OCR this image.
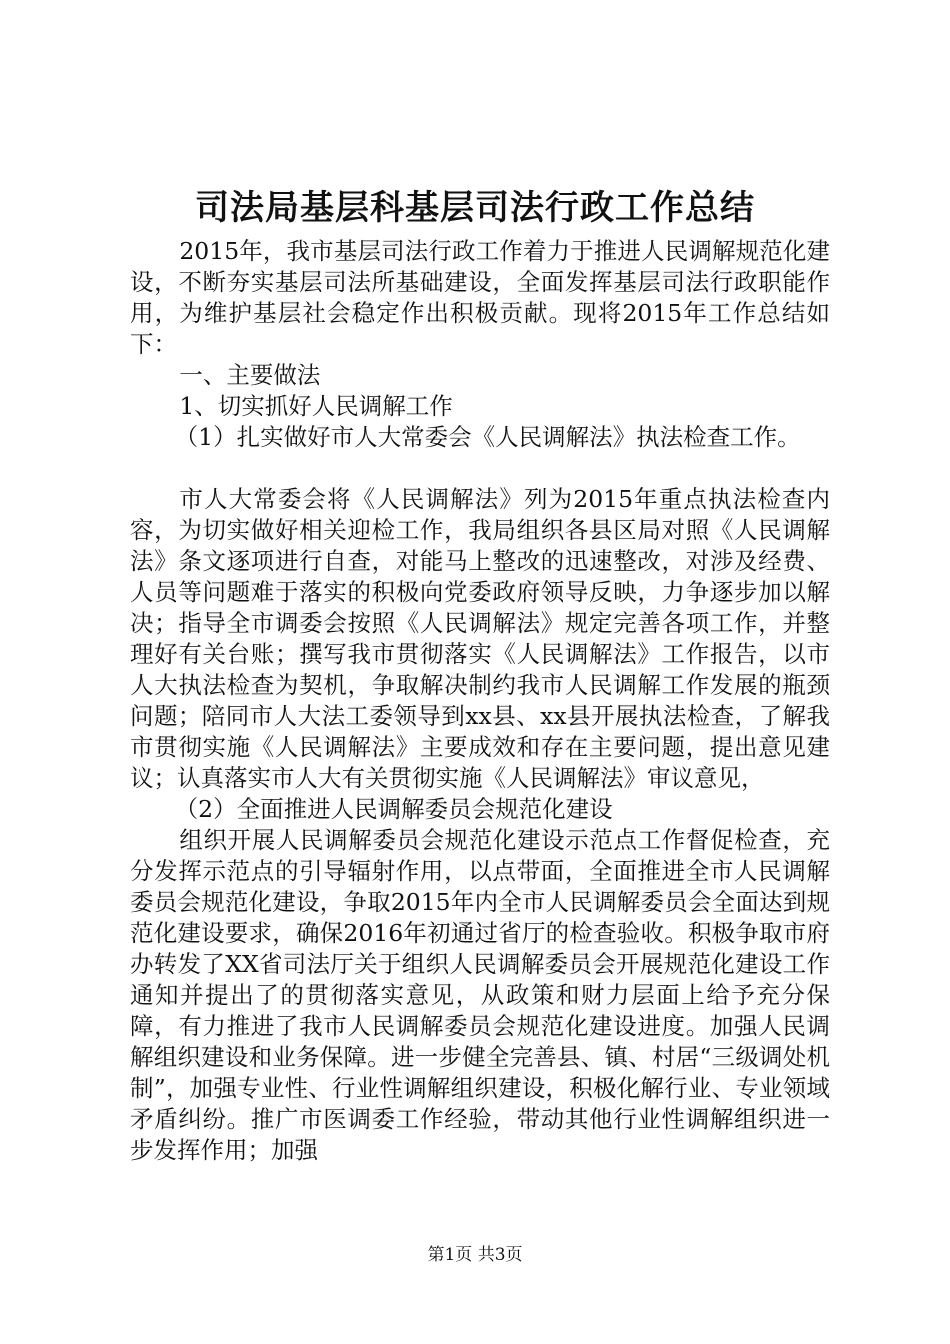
司法局基层科基层司法行政工作总结

2015年，我市基层司法行政工作着力于推进人民调解规范化建设，不断夯实基层司法所基础建设，全面发挥基层司法行政职能作用，为维护基层社会稳定作出积极贡献。现将2015年工作总结如下：

一、主要做法

1、切实抓好人民调解工作

（1）扎实做好市人大常委会《人民调解法》执法检查工作。

市人大常委会将《人民调解法》列为2015年重点执法检查内容，为切实做好相关迎检工作，我局组织各县区局对照《人民调解法》条文逐项进行自查，对能马上整改的迅速整改，对涉及经费、人员等问题难于落实的积极向党委政府领导反映，力争逐步加以解决；指导全市调委会按照《人民调解法》规定完善各项工作，并整理好有关台账；撰写我市贯彻落实《人民调解法》工作报告，以市人大执法检查为契机，争取解决制约我市人民调解工作发展的瓶颈问题；陪同市人大法工委领导到xx县、xx县开展执法检查，了解我市贯彻实施《人民调解法》主要成效和存在主要问题，提出意见建议；认真落实市人大有关贯彻实施《人民调解法》审议意见，

（2）全面推进人民调解委员会规范化建设

组织开展人民调解委员会规范化建设示范点工作督促检查，充分发挥示范点的引导辐射作用，以点带面，全面推进全市人民调解委员会规范化建设，争取2015年内全市人民调解委员会全面达到规范化建设要求，确保2016年初通过省厅的检查验收。积极争取市府办转发了XX省司法厅关于组织人民调解委员会开展规范化建设工作通知并提出了的贯彻落实意见，从政策和财力层面上给予充分保障，有力推进了我市人民调解委员会规范化建设进度。加强人民调解组织建设和业务保障。进一步健全完善县、镇、村居“三级调处机制”，加强专业性、行业性调解组织建设，积极化解行业、专业领域矛盾纠纷。推广市医调委工作经验，带动其他行业性调解组织进一步发挥作用；加强

第1页 共3页
